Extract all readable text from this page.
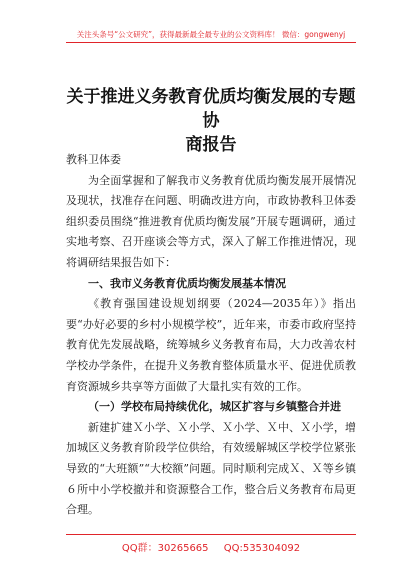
关注头条号“公文研究”，获得最新最全最专业的公文资料库！ 微信：gongwenyj
关于推进义务教育优质均衡发展的专题协
商报告

教科卫体委

为全面掌握和了解我市义务教育优质均衡发展开展情况及现状，找准存在问题、明确改进方向，市政协教科卫体委组织委员围绕“推进教育优质均衡发展”开展专题调研，通过实地考察、召开座谈会等方式，深入了解工作推进情况，现将调研结果报告如下：

一、我市义务教育优质均衡发展基本情况

《教育强国建设规划纲要（2024—2035年）》指出要“办好必要的乡村小规模学校”，近年来，市委市政府坚持教育优先发展战略，统筹城乡义务教育布局，大力改善农村学校办学条件，在提升义务教育整体质量水平、促进优质教育资源城乡共享等方面做了大量扎实有效的工作。

（一）学校布局持续优化，城区扩容与乡镇整合并进

新建扩建Ｘ小学、Ｘ小学、Ｘ小学、Ｘ中、Ｘ小学，增加城区义务教育阶段学位供给，有效缓解城区学校学位紧张导致的“大班额”“大校额”问题。同时顺利完成Ｘ、Ｘ等乡镇６所中小学校撤并和资源整合工作，整合后义务教育布局更合理。

QQ群：30265665 QQ:535304092
